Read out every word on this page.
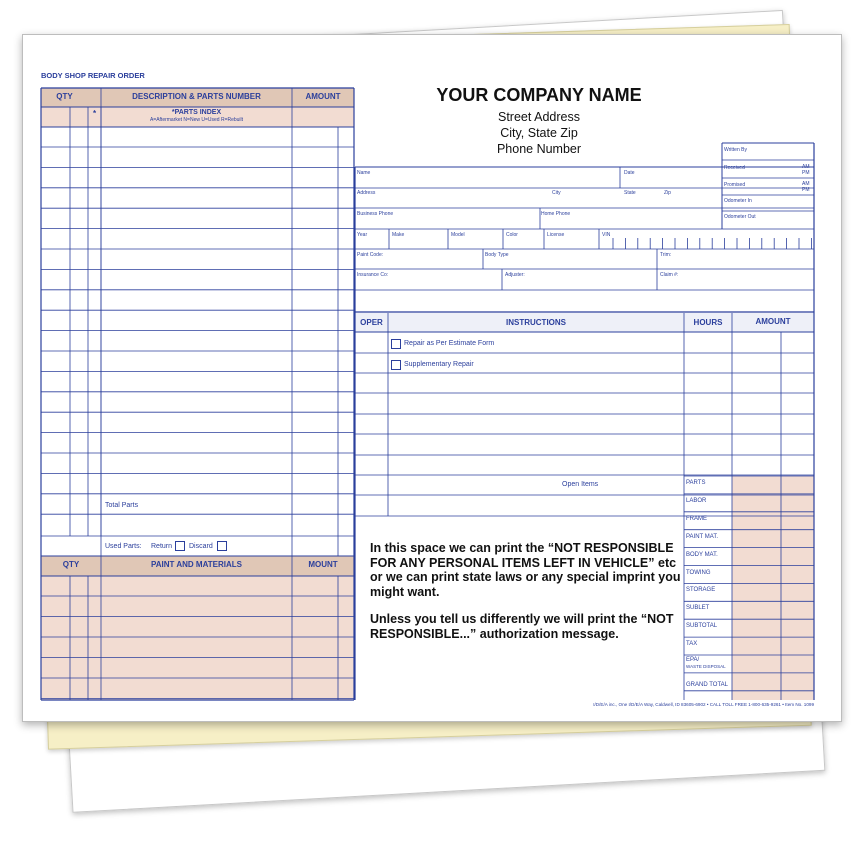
BODY SHOP REPAIR ORDER
YOUR COMPANY NAME
Street Address
City, State Zip
Phone Number
QTY	DESCRIPTION & PARTS NUMBER	AMOUNT
*	*PARTS INDEX
A=Aftermarket N=New U=Used R=Rebuilt
Total Parts
Used Parts: Return Discard
QTY	PAINT AND MATERIALS	MOUNT
Written By
Received	AM
PM
Promised	AM
PM
Odometer In
Odometer Out
Name	Date
Address	City	State	Zip
Business Phone	Home Phone
Year	Make	Model	Color	License	VIN
Paint Code:	Body Type	Trim:
Insurance Co:	Adjuster:	Claim #:
OPER	INSTRUCTIONS	HOURS	AMOUNT
Repair as Per Estimate Form
Supplementary Repair
Open Items	PARTS
LABOR
FRAME
PAINT MAT.
BODY MAT.
TOWING
STORAGE
SUBLET
SUBTOTAL
TAX
EPA/
WASTE DISPOSAL
GRAND TOTAL
In this space we can print the “NOT RESPONSIBLE FOR ANY PERSONAL ITEMS LEFT IN VEHICLE” etc or we can print state laws or any special imprint you might want.
Unless you tell us differently we will print the “NOT RESPONSIBLE...” authorization message.
I/D/E/A inc., One I/D/E/A Way, Caldwell, ID 83605-6902 • CALL TOLL FREE 1-800-635-9261 • Item No. 1099
